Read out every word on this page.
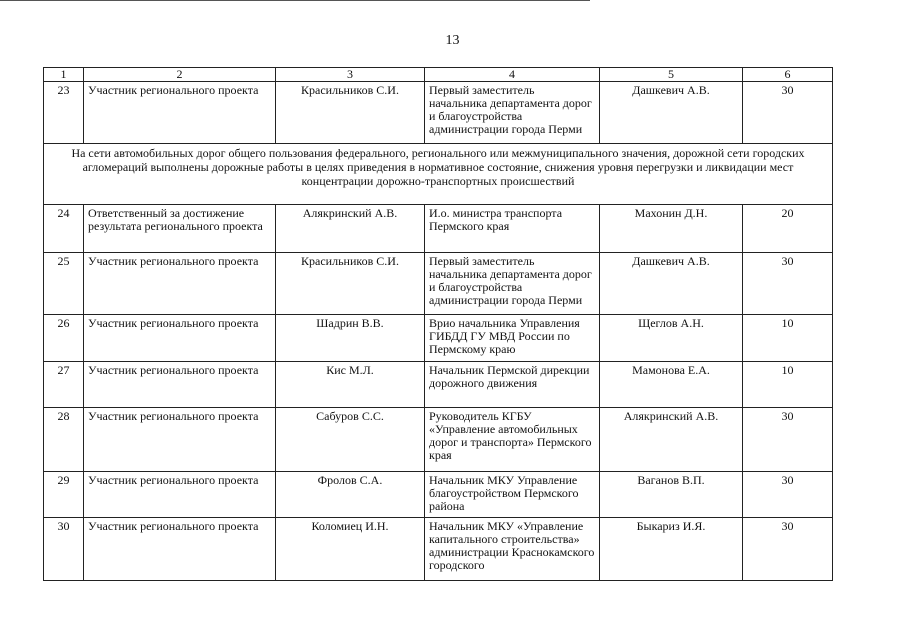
13
1	2	3	4	5	6
23	Участник регионального проекта	Красильников С.И.	Первый заместитель начальника департамента дорог и благоустройства администрации города Перми	Дашкевич А.В.	30
На сети автомобильных дорог общего пользования федерального, регионального или межмуниципального значения, дорожной сети городских агломераций выполнены дорожные работы в целях приведения в нормативное состояние, снижения уровня перегрузки и ликвидации мест концентрации дорожно-транспортных происшествий					
24	Ответственный за достижение результата регионального проекта	Алякринский А.В.	И.о. министра транспорта Пермского края	Махонин Д.Н.	20
25	Участник регионального проекта	Красильников С.И.	Первый заместитель начальника департамента дорог и благоустройства администрации города Перми	Дашкевич А.В.	30
26	Участник регионального проекта	Шадрин В.В.	Врио начальника Управления ГИБДД ГУ МВД России по Пермскому краю	Щеглов А.Н.	10
27	Участник регионального проекта	Кис М.Л.	Начальник Пермской дирекции дорожного движения	Мамонова Е.А.	10
28	Участник регионального проекта	Сабуров С.С.	Руководитель КГБУ «Управление автомобильных дорог и транспорта» Пермского края	Алякринский А.В.	30
29	Участник регионального проекта	Фролов С.А.	Начальник МКУ Управление благоустройством Пермского района	Ваганов В.П.	30
30	Участник регионального проекта	Коломиец И.Н.	Начальник МКУ «Управление капитального строительства» администрации Краснокамского городского	Быкариз И.Я.	30
